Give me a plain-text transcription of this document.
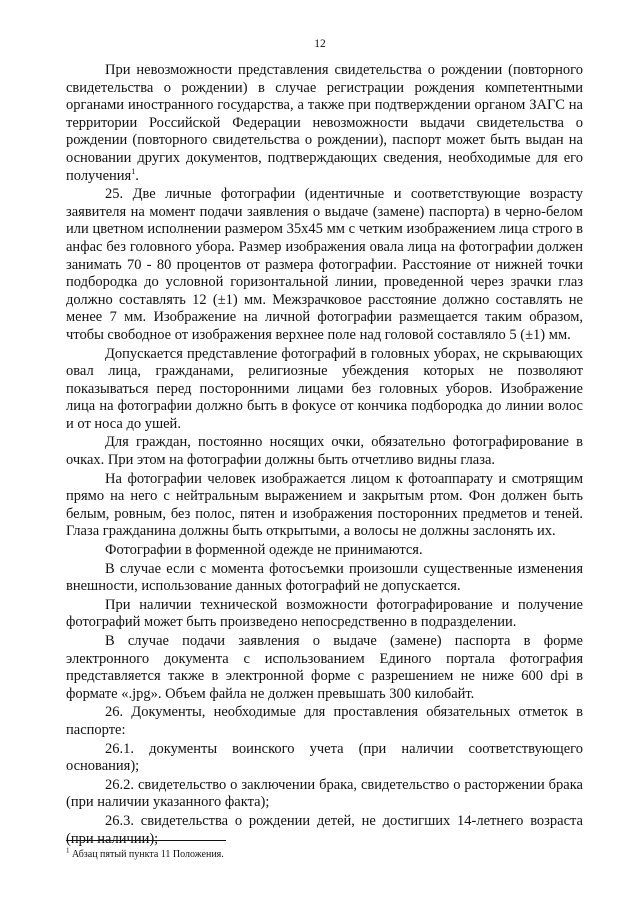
12

При невозможности представления свидетельства о рождении (повторного свидетельства о рождении) в случае регистрации рождения компетентными органами иностранного государства, а также при подтверждении органом ЗАГС на территории Российской Федерации невозможности выдачи свидетельства о рождении (повторного свидетельства о рождении), паспорт может быть выдан на основании других документов, подтверждающих сведения, необходимые для его получения$^1$.

25. Две личные фотографии (идентичные и соответствующие возрасту заявителя на момент подачи заявления о выдаче (замене) паспорта) в черно-белом или цветном исполнении размером 35х45 мм с четким изображением лица строго в анфас без головного убора. Размер изображения овала лица на фотографии должен занимать 70 - 80 процентов от размера фотографии. Расстояние от нижней точки подбородка до условной горизонтальной линии, проведенной через зрачки глаз должно составлять 12 (±1) мм. Межзрачковое расстояние должно составлять не менее 7 мм. Изображение на личной фотографии размещается таким образом, чтобы свободное от изображения верхнее поле над головой составляло 5 (±1) мм.

Допускается представление фотографий в головных уборах, не скрывающих овал лица, гражданами, религиозные убеждения которых не позволяют показываться перед посторонними лицами без головных уборов. Изображение лица на фотографии должно быть в фокусе от кончика подбородка до линии волос и от носа до ушей.

Для граждан, постоянно носящих очки, обязательно фотографирование в очках. При этом на фотографии должны быть отчетливо видны глаза.

На фотографии человек изображается лицом к фотоаппарату и смотрящим прямо на него с нейтральным выражением и закрытым ртом. Фон должен быть белым, ровным, без полос, пятен и изображения посторонних предметов и теней. Глаза гражданина должны быть открытыми, а волосы не должны заслонять их.

Фотографии в форменной одежде не принимаются.

В случае если с момента фотосъемки произошли существенные изменения внешности, использование данных фотографий не допускается.

При наличии технической возможности фотографирование и получение фотографий может быть произведено непосредственно в подразделении.

В случае подачи заявления о выдаче (замене) паспорта в форме электронного документа с использованием Единого портала фотография представляется также в электронной форме с разрешением не ниже 600 dpi в формате «.jpg». Объем файла не должен превышать 300 килобайт.

26. Документы, необходимые для проставления обязательных отметок в паспорте:

26.1. документы воинского учета (при наличии соответствующего основания);

26.2. свидетельство о заключении брака, свидетельство о расторжении брака (при наличии указанного факта);

26.3. свидетельства о рождении детей, не достигших 14-летнего возраста (при наличии);

$^1$ Абзац пятый пункта 11 Положения.
